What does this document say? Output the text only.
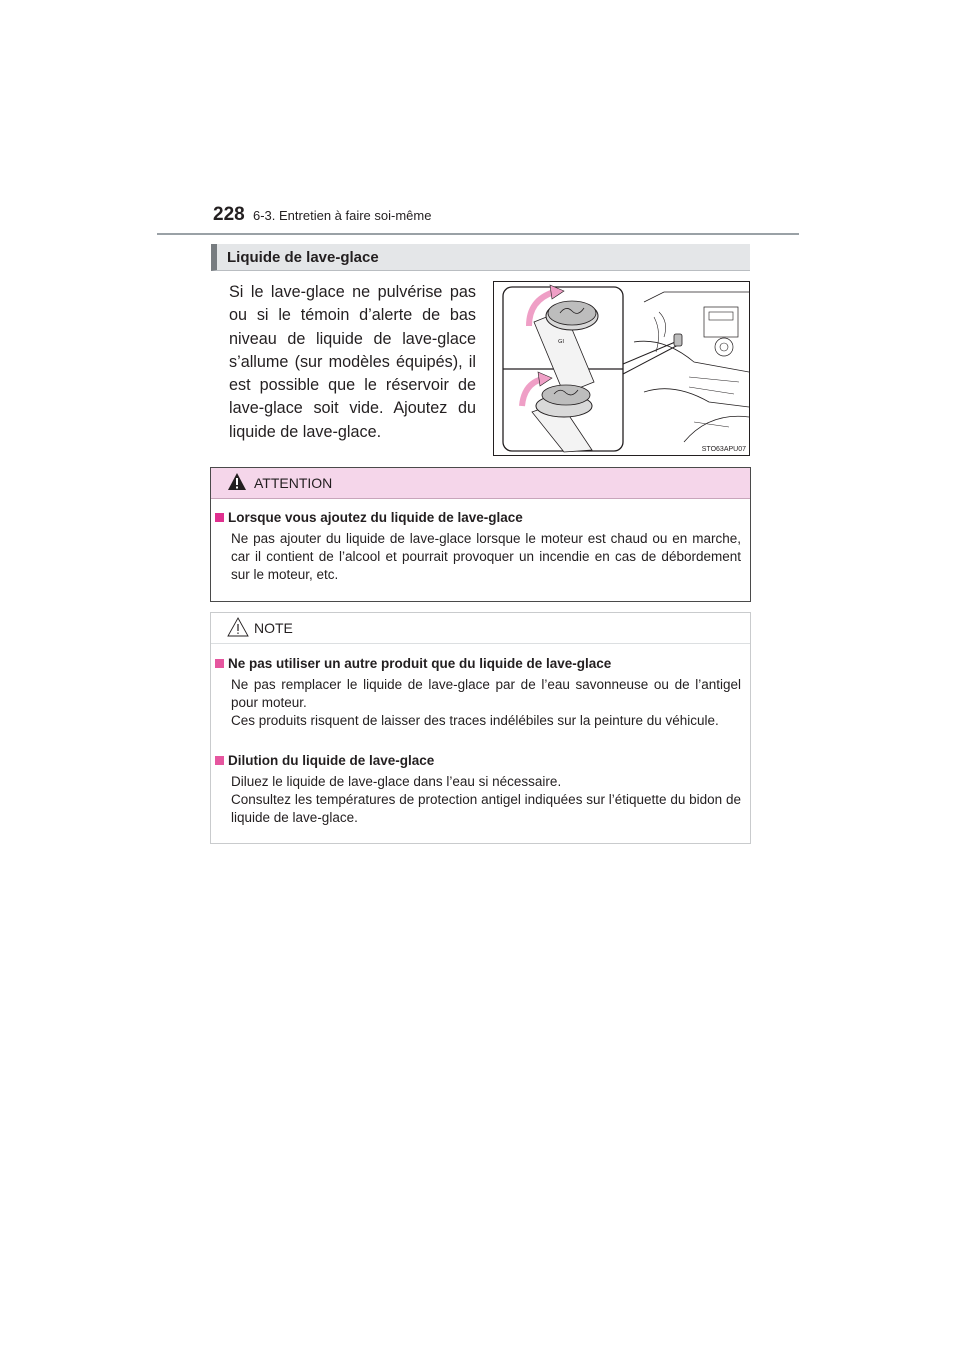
228 6-3. Entretien à faire soi-même
Liquide de lave-glace

Si le lave-glace ne pulvérise pas ou si le témoin d’alerte de bas niveau de liquide de lave-glace s’allume (sur modèles équipés), il est possible que le réservoir de lave-glace soit vide. Ajoutez du liquide de lave-glace.

ᴳᴵ
STO63APU07
ATTENTION
Lorsque vous ajoutez du liquide de lave-glace

Ne pas ajouter du liquide de lave-glace lorsque le moteur est chaud ou en marche, car il contient de l’alcool et pourrait provoquer un incendie en cas de débordement sur le moteur, etc.

NOTE
Ne pas utiliser un autre produit que du liquide de lave-glace

Ne pas remplacer le liquide de lave-glace par de l’eau savonneuse ou de l’antigel pour moteur.
Ces produits risquent de laisser des traces indélébiles sur la peinture du véhicule.

Dilution du liquide de lave-glace

Diluez le liquide de lave-glace dans l’eau si nécessaire.
Consultez les températures de protection antigel indiquées sur l’étiquette du bidon de liquide de lave-glace.
